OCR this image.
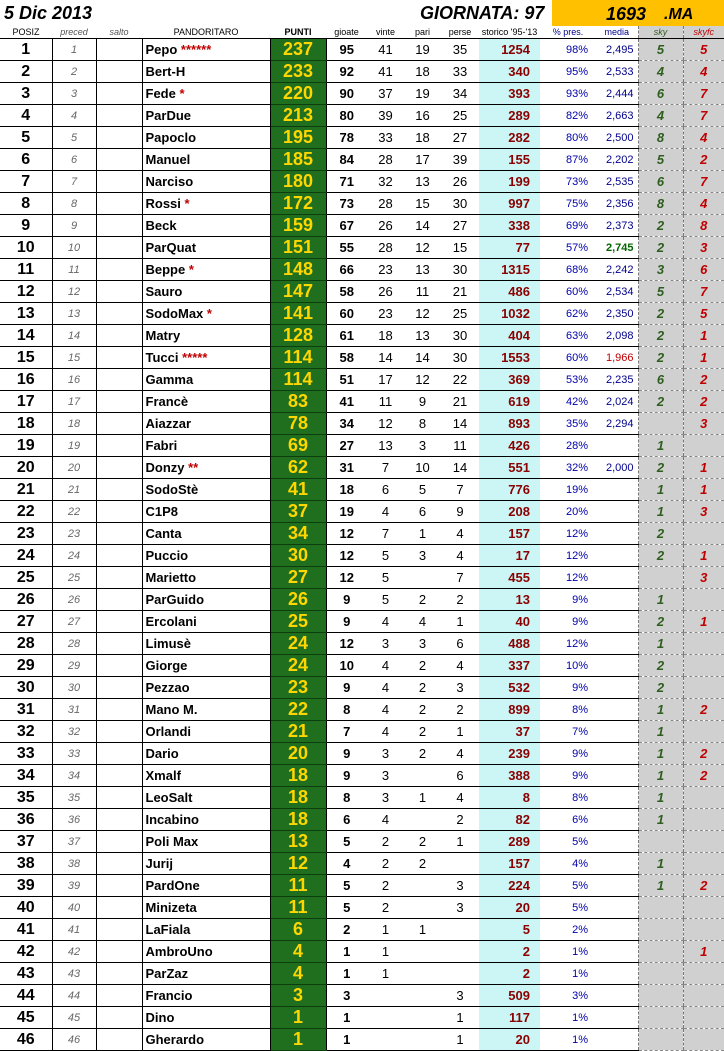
5 Dic 2013	GIORNATA: 97	1693 .MA
POSIZ	preced	salto	PANDORITARO	PUNTI	gioate	vinte	pari	perse	storico '95-'13	% pres.	media	sky	skyfc
1	1		Pepo ******	237	95	41	19	35	1254	98%	2,495	5	5
2	2		Bert-H	233	92	41	18	33	340	95%	2,533	4	4
3	3		Fede *	220	90	37	19	34	393	93%	2,444	6	7
4	4		ParDue	213	80	39	16	25	289	82%	2,663	4	7
5	5		Papoclo	195	78	33	18	27	282	80%	2,500	8	4
6	6		Manuel	185	84	28	17	39	155	87%	2,202	5	2
7	7		Narciso	180	71	32	13	26	199	73%	2,535	6	7
8	8		Rossi *	172	73	28	15	30	997	75%	2,356	8	4
9	9		Beck	159	67	26	14	27	338	69%	2,373	2	8
10	10		ParQuat	151	55	28	12	15	77	57%	2,745	2	3
11	11		Beppe *	148	66	23	13	30	1315	68%	2,242	3	6
12	12		Sauro	147	58	26	11	21	486	60%	2,534	5	7
13	13		SodoMax *	141	60	23	12	25	1032	62%	2,350	2	5
14	14		Matry	128	61	18	13	30	404	63%	2,098	2	1
15	15		Tucci *****	114	58	14	14	30	1553	60%	1,966	2	1
16	16		Gamma	114	51	17	12	22	369	53%	2,235	6	2
17	17		Francè	83	41	11	9	21	619	42%	2,024	2	2
18	18		Aiazzar	78	34	12	8	14	893	35%	2,294		3
19	19		Fabri	69	27	13	3	11	426	28%		1	
20	20		Donzy **	62	31	7	10	14	551	32%	2,000	2	1
21	21		SodoStè	41	18	6	5	7	776	19%		1	1
22	22		C1P8	37	19	4	6	9	208	20%		1	3
23	23		Canta	34	12	7	1	4	157	12%		2	
24	24		Puccio	30	12	5	3	4	17	12%		2	1
25	25		Marietto	27	12	5		7	455	12%			3
26	26		ParGuido	26	9	5	2	2	13	9%		1	
27	27		Ercolani	25	9	4	4	1	40	9%		2	1
28	28		Limusè	24	12	3	3	6	488	12%		1	
29	29		Giorge	24	10	4	2	4	337	10%		2	
30	30		Pezzao	23	9	4	2	3	532	9%		2	
31	31		Mano M.	22	8	4	2	2	899	8%		1	2
32	32		Orlandi	21	7	4	2	1	37	7%		1	
33	33		Dario	20	9	3	2	4	239	9%		1	2
34	34		Xmalf	18	9	3		6	388	9%		1	2
35	35		LeoSalt	18	8	3	1	4	8	8%		1	
36	36		Incabino	18	6	4		2	82	6%		1	
37	37		Poli Max	13	5	2	2	1	289	5%			
38	38		Jurij	12	4	2	2		157	4%		1	
39	39		PardOne	11	5	2		3	224	5%		1	2
40	40		Minizeta	11	5	2		3	20	5%			
41	41		LaFiala	6	2	1	1		5	2%			
42	42		AmbroUno	4	1	1			2	1%			1
43	43		ParZaz	4	1	1			2	1%			
44	44		Francio	3	3			3	509	3%			
45	45		Dino	1	1			1	117	1%			
46	46		Gherardo	1	1			1	20	1%			
